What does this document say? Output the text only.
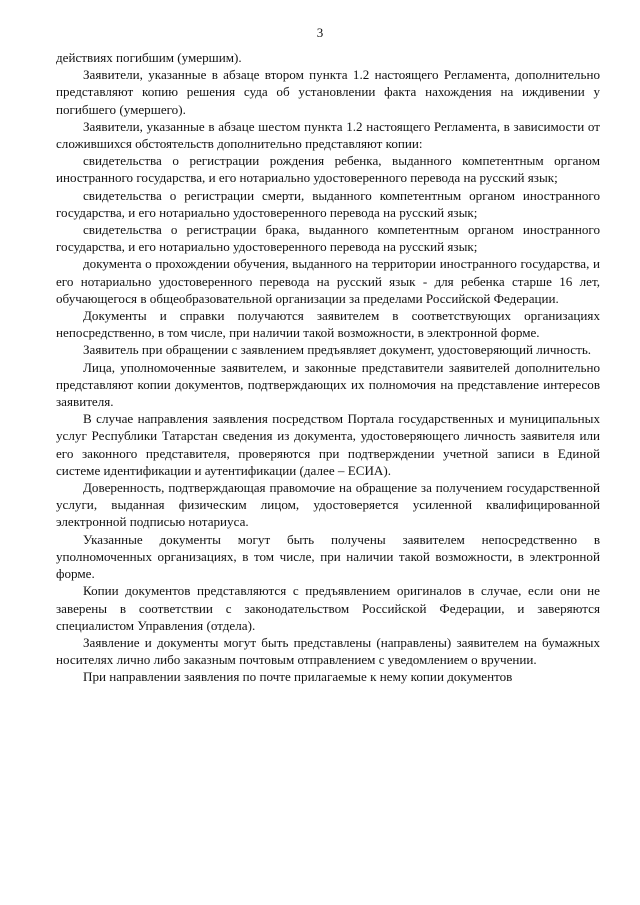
3

действиях погибшим (умершим).

Заявители, указанные в абзаце втором пункта 1.2 настоящего Регламента, дополнительно представляют копию решения суда об установлении факта нахождения на иждивении у погибшего (умершего).

Заявители, указанные в абзаце шестом пункта 1.2 настоящего Регламента, в зависимости от сложившихся обстоятельств дополнительно представляют копии:

свидетельства о регистрации рождения ребенка, выданного компетентным органом иностранного государства, и его нотариально удостоверенного перевода на русский язык;

свидетельства о регистрации смерти, выданного компетентным органом иностранного государства, и его нотариально удостоверенного перевода на русский язык;

свидетельства о регистрации брака, выданного компетентным органом иностранного государства, и его нотариально удостоверенного перевода на русский язык;

документа о прохождении обучения, выданного на территории иностранного государства, и его нотариально удостоверенного перевода на русский язык - для ребенка старше 16 лет, обучающегося в общеобразовательной организации за пределами Российской Федерации.

Документы и справки получаются заявителем в соответствующих организациях непосредственно, в том числе, при наличии такой возможности, в электронной форме.

Заявитель при обращении с заявлением предъявляет документ, удостоверяющий личность.

Лица, уполномоченные заявителем, и законные представители заявителей дополнительно представляют копии документов, подтверждающих их полномочия на представление интересов заявителя.

В случае направления заявления посредством Портала государственных и муниципальных услуг Республики Татарстан сведения из документа, удостоверяющего личность заявителя или его законного представителя, проверяются при подтверждении учетной записи в Единой системе идентификации и аутентификации (далее – ЕСИА).

Доверенность, подтверждающая правомочие на обращение за получением государственной услуги, выданная физическим лицом, удостоверяется усиленной квалифицированной электронной подписью нотариуса.

Указанные документы могут быть получены заявителем непосредственно в уполномоченных организациях, в том числе, при наличии такой возможности, в электронной форме.

Копии документов представляются с предъявлением оригиналов в случае, если они не заверены в соответствии с законодательством Российской Федерации, и заверяются специалистом Управления (отдела).

Заявление и документы могут быть представлены (направлены) заявителем на бумажных носителях лично либо заказным почтовым отправлением с уведомлением о вручении.

При направлении заявления по почте прилагаемые к нему копии документов
